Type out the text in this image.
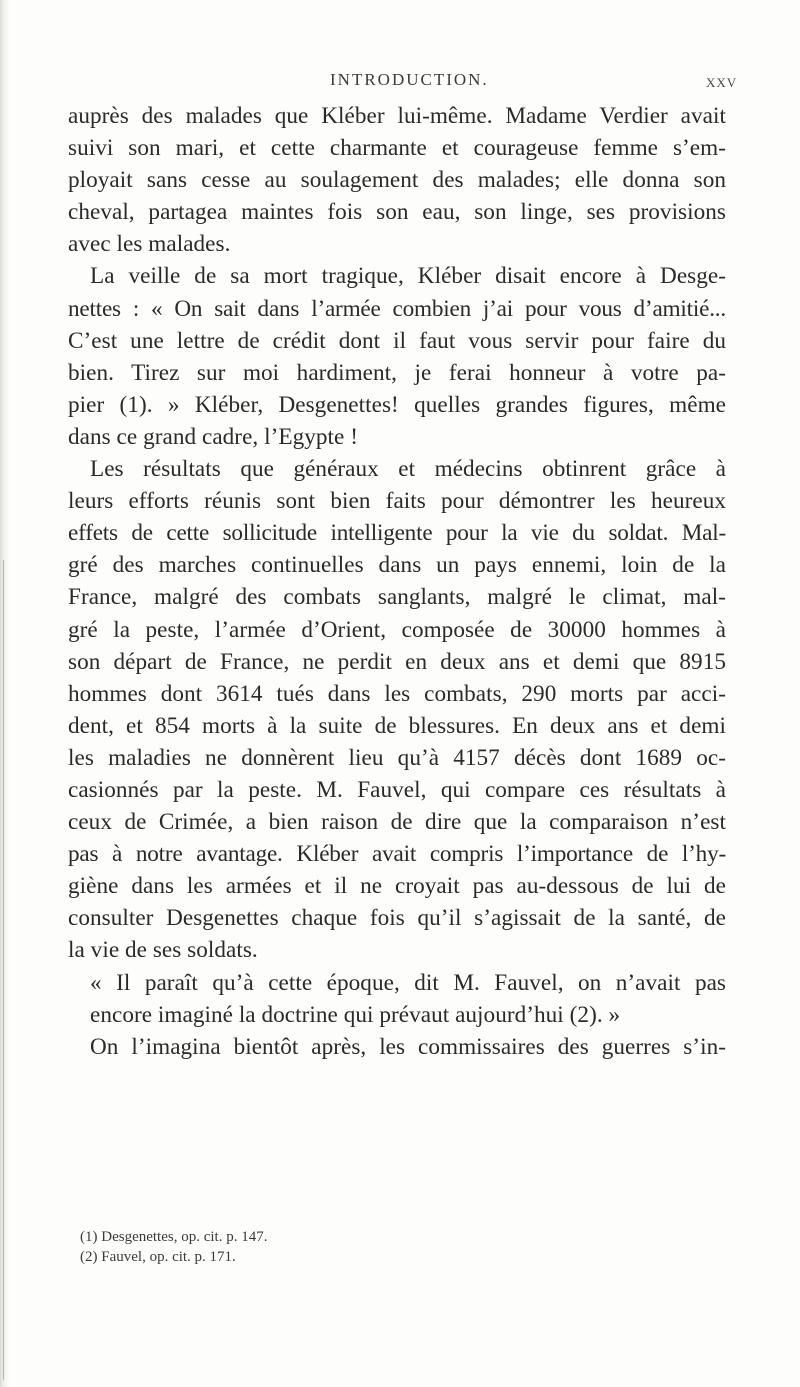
INTRODUCTION.	XXV
auprès des malades que Kléber lui-même. Madame Verdier avait
suivi son mari, et cette charmante et courageuse femme s’em-
ployait sans cesse au soulagement des malades; elle donna son
cheval, partagea maintes fois son eau, son linge, ses provisions
avec les malades.
La veille de sa mort tragique, Kléber disait encore à Desge-
nettes : « On sait dans l’armée combien j’ai pour vous d’amitié...
C’est une lettre de crédit dont il faut vous servir pour faire du
bien. Tirez sur moi hardiment, je ferai honneur à votre pa-
pier (1). » Kléber, Desgenettes! quelles grandes figures, même
dans ce grand cadre, l’Egypte !
Les résultats que généraux et médecins obtinrent grâce à
leurs efforts réunis sont bien faits pour démontrer les heureux
effets de cette sollicitude intelligente pour la vie du soldat. Mal-
gré des marches continuelles dans un pays ennemi, loin de la
France, malgré des combats sanglants, malgré le climat, mal-
gré la peste, l’armée d’Orient, composée de 30000 hommes à
son départ de France, ne perdit en deux ans et demi que 8915
hommes dont 3614 tués dans les combats, 290 morts par acci-
dent, et 854 morts à la suite de blessures. En deux ans et demi
les maladies ne donnèrent lieu qu’à 4157 décès dont 1689 oc-
casionnés par la peste. M. Fauvel, qui compare ces résultats à
ceux de Crimée, a bien raison de dire que la comparaison n’est
pas à notre avantage. Kléber avait compris l’importance de l’hy-
giène dans les armées et il ne croyait pas au-dessous de lui de
consulter Desgenettes chaque fois qu’il s’agissait de la santé, de
la vie de ses soldats.
« Il paraît qu’à cette époque, dit M. Fauvel, on n’avait pas
encore imaginé la doctrine qui prévaut aujourd’hui (2). »
On l’imagina bientôt après, les commissaires des guerres s’in-
(1) Desgenettes, op. cit. p. 147.
(2) Fauvel, op. cit. p. 171.
